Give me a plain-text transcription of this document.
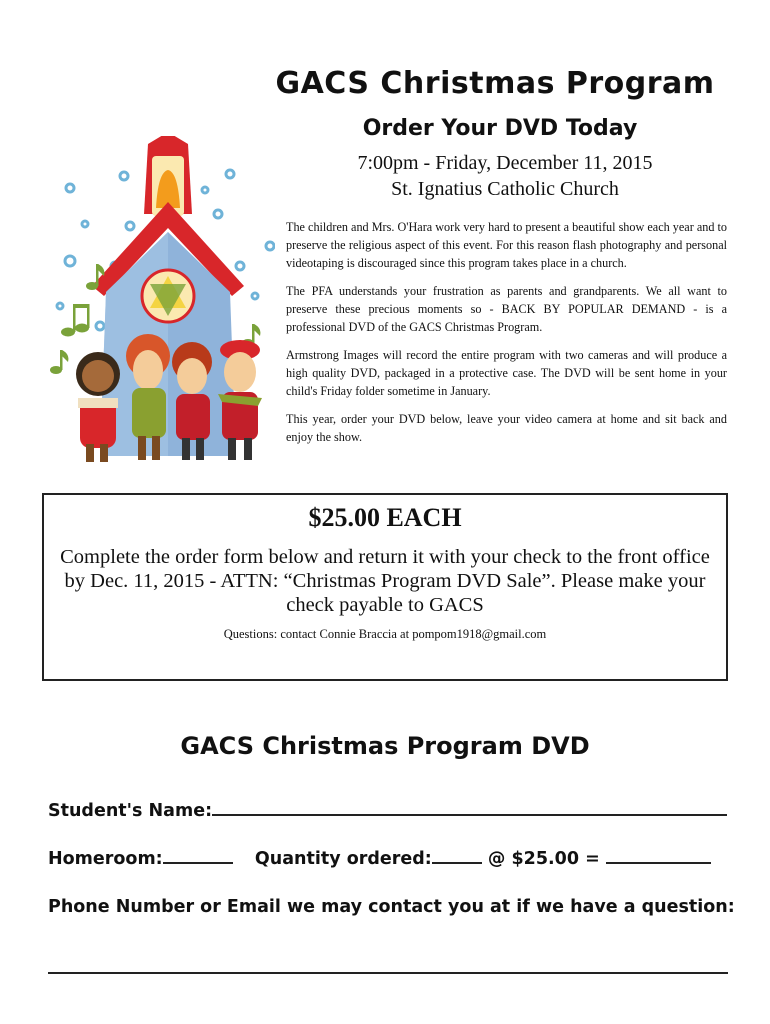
GACS Christmas Program
Order Your DVD Today
7:00pm - Friday, December 11, 2015
St. Ignatius Catholic Church

The children and Mrs. O'Hara work very hard to present a beautiful show each year and to preserve the religious aspect of this event. For this reason flash photography and personal videotaping is discouraged since this program takes place in a church.

The PFA understands your frustration as parents and grandparents. We all want to preserve these precious moments so - BACK BY POPULAR DEMAND - is a professional DVD of the GACS Christmas Program.

Armstrong Images will record the entire program with two cameras and will produce a high quality DVD, packaged in a protective case. The DVD will be sent home in your child's Friday folder sometime in January.

This year, order your DVD below, leave your video camera at home and sit back and enjoy the show.

$25.00 EACH
Complete the order form below and return it with your check to the front office by Dec. 11, 2015 - ATTN: “Christmas Program DVD Sale”. Please make your check payable to GACS
Questions: contact Connie Braccia at pompom1918@gmail.com
GACS Christmas Program DVD
Student's Name:
Homeroom:	Quantity ordered:	@ $25.00 =
Phone Number or Email we may contact you at if we have a question:
